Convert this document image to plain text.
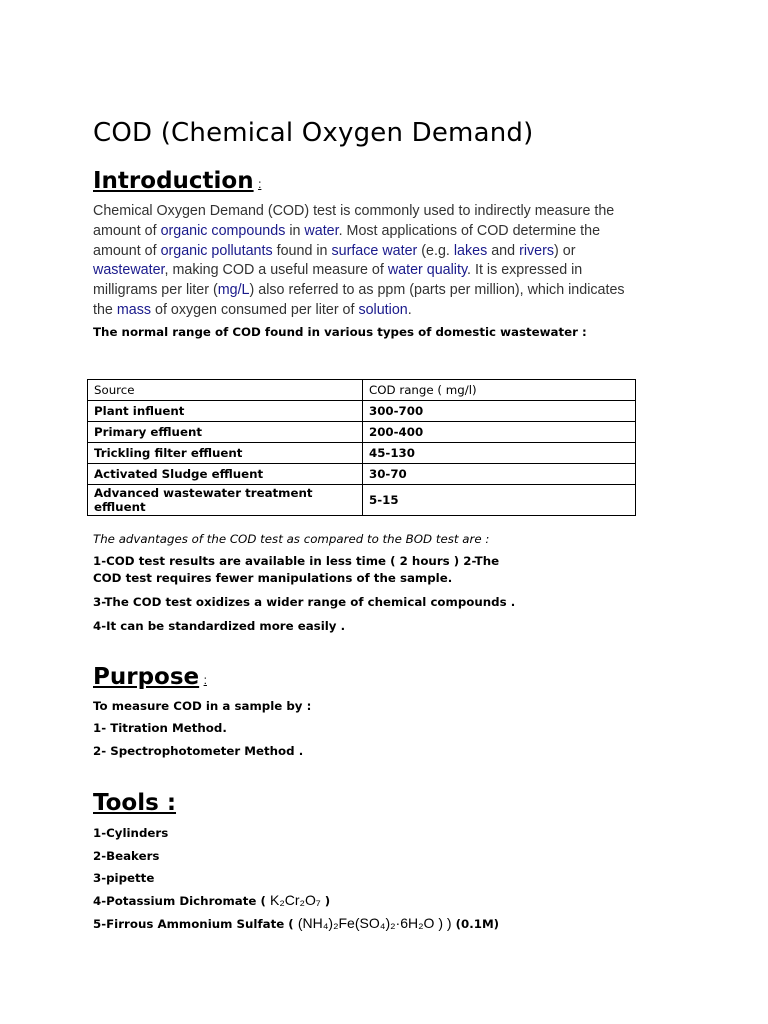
COD (Chemical Oxygen Demand)
Introduction :

Chemical Oxygen Demand (COD) test is commonly used to indirectly measure the amount of organic compounds in water. Most applications of COD determine the amount of organic pollutants found in surface water (e.g. lakes and rivers) or wastewater, making COD a useful measure of water quality. It is expressed in milligrams per liter (mg/L) also referred to as ppm (parts per million), which indicates the mass of oxygen consumed per liter of solution.

The normal range of COD found in various types of domestic wastewater :
Source	COD range ( mg/l)
Plant influent	300-700
Primary effluent	200-400
Trickling filter effluent	45-130
Activated Sludge effluent	30-70
Advanced wastewater treatment effluent	5-15
The advantages of the COD test as compared to the BOD test are :
1-COD test results are available in less time ( 2 hours ) 2-The
COD test requires fewer manipulations of the sample.
3-The COD test oxidizes a wider range of chemical compounds .
4-It can be standardized more easily .
Purpose :
To measure COD in a sample by :
1- Titration Method.
2- Spectrophotometer Method .
Tools :
1-Cylinders
2-Beakers
3-pipette
4-Potassium Dichromate ( K₂Cr₂O₇ )
5-Firrous Ammonium Sulfate ( (NH₄)₂Fe(SO₄)₂·6H₂O ) ) (0.1M)
